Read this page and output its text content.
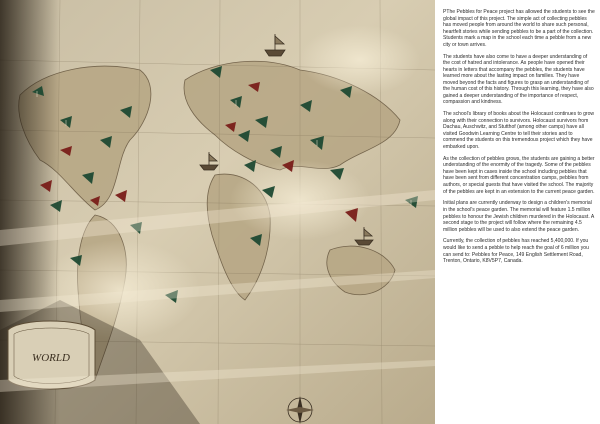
WORLD

PThe Pebbles for Peace project has allowed the students to see the global impact of this project. The simple act of collecting pebbles has moved people from around the world to share such personal, heartfelt stories while sending pebbles to be a part of the collection. Students mark a map in the school each time a pebble from a new city or town arrives.

The students have also come to have a deeper understanding of the cost of hatred and intolerance. As people have opened their hearts in letters that accompany the pebbles, the students have learned more about the lasting impact on families. They have moved beyond the facts and figures to grasp an understanding of the human cost of this history. Through this learning, they have also gained a deeper understanding of the importance of respect, compassion and kindness.

The school's library of books about the Holocaust continues to grow along with their connection to survivors. Holocaust survivors from Dachau, Auschwitz, and Stutthof (among other camps) have all visited Goodwin Learning Centre to tell their stories and to commend the students on this tremendous project which they have embarked upon.

As the collection of pebbles grows, the students are gaining a better understanding of the enormity of the tragedy. Some of the pebbles have been kept in cases inside the school including pebbles that have been sent from different concentration camps, pebbles from authors, or special guests that have visited the school. The majority of the pebbles are kept in an extension to the current peace garden.

Initial plans are currently underway to design a children's memorial in the school's peace garden. The memorial will feature 1.5 million pebbles to honour the Jewish children murdered in the Holocaust. A second stage to the project will follow where the remaining 4.5 million pebbles will be used to also extend the peace garden.

Currently, the collection of pebbles has reached 5,400,000. If you would like to send a pebble to help reach the goal of 6 million you can send to: Pebbles for Peace, 149 English Settlement Road, Trenton, Ontario, K8V5P7, Canada.
